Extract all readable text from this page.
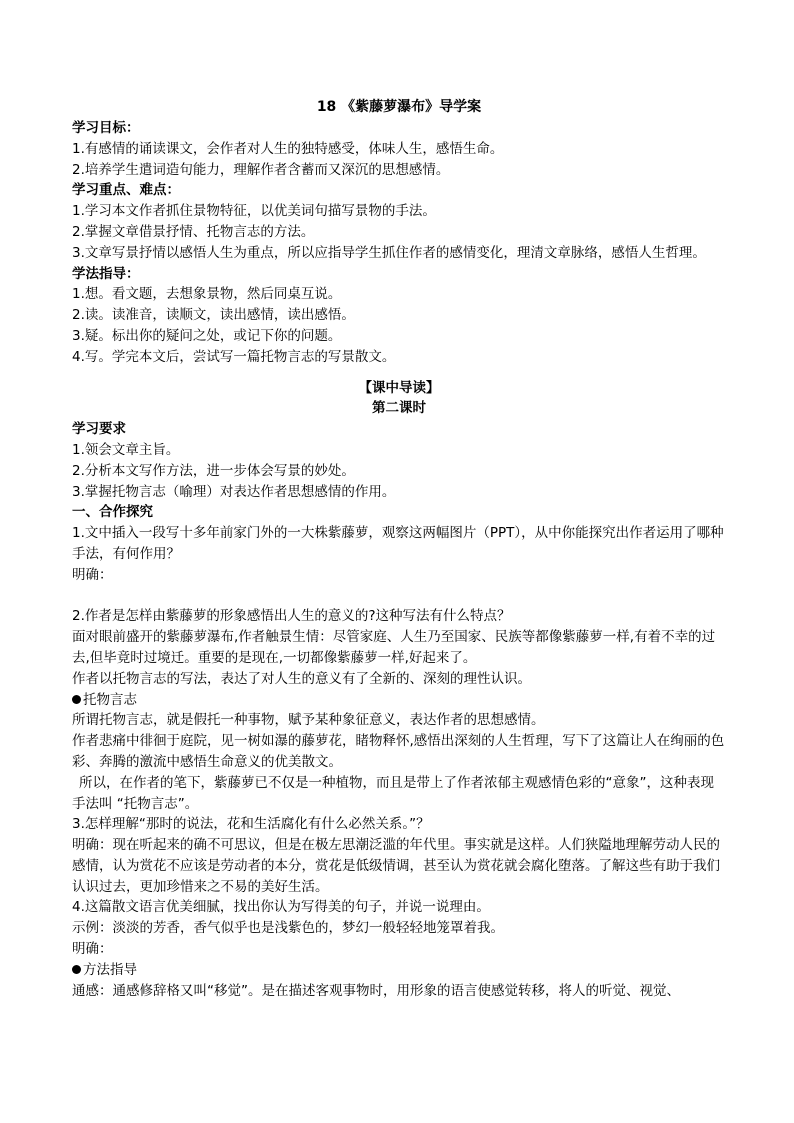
18 《紫藤萝瀑布》导学案
学习目标：
1.有感情的诵读课文，会作者对人生的独特感受，体味人生，感悟生命。
2.培养学生遣词造句能力，理解作者含蓄而又深沉的思想感情。
学习重点、难点：
1.学习本文作者抓住景物特征，以优美词句描写景物的手法。
2.掌握文章借景抒情、托物言志的方法。
3.文章写景抒情以感悟人生为重点，所以应指导学生抓住作者的感情变化，理清文章脉络，感悟人生哲理。
学法指导：
1.想。看文题，去想象景物，然后同桌互说。
2.读。读准音，读顺文，读出感情，读出感悟。
3.疑。标出你的疑问之处，或记下你的问题。
4.写。学完本文后，尝试写一篇托物言志的写景散文。
【课中导读】
第二课时
学习要求
1.领会文章主旨。
2.分析本文写作方法，进一步体会写景的妙处。
3.掌握托物言志（喻理）对表达作者思想感情的作用。
一、合作探究
1.文中插入一段写十多年前家门外的一大株紫藤萝，观察这两幅图片（PPT），从中你能探究出作者运用了哪种手法，有何作用？
明确：
2.作者是怎样由紫藤萝的形象感悟出人生的意义的?这种写法有什么特点？
面对眼前盛开的紫藤萝瀑布,作者触景生情：尽管家庭、人生乃至国家、民族等都像紫藤萝一样,有着不幸的过去,但毕竟时过境迁。重要的是现在,一切都像紫藤萝一样,好起来了。
作者以托物言志的写法，表达了对人生的意义有了全新的、深刻的理性认识。
托物言志
所谓托物言志，就是假托一种事物，赋予某种象征意义，表达作者的思想感情。
作者悲痛中徘徊于庭院，见一树如瀑的藤萝花，睹物释怀,感悟出深刻的人生哲理，写下了这篇让人在绚丽的色彩、奔腾的激流中感悟生命意义的优美散文。
所以，在作者的笔下，紫藤萝已不仅是一种植物，而且是带上了作者浓郁主观感情色彩的“意象”，这种表现手法叫 “托物言志”。
3.怎样理解“那时的说法，花和生活腐化有什么必然关系。”？
明确：现在听起来的确不可思议，但是在极左思潮泛滥的年代里。事实就是这样。人们狭隘地理解劳动人民的感情，认为赏花不应该是劳动者的本分，赏花是低级情调，甚至认为赏花就会腐化堕落。了解这些有助于我们认识过去，更加珍惜来之不易的美好生活。
4.这篇散文语言优美细腻，找出你认为写得美的句子，并说一说理由。
示例：淡淡的芳香，香气似乎也是浅紫色的，梦幻一般轻轻地笼罩着我。
明确：
方法指导
通感：通感修辞格又叫“移觉”。是在描述客观事物时，用形象的语言使感觉转移，将人的听觉、视觉、
